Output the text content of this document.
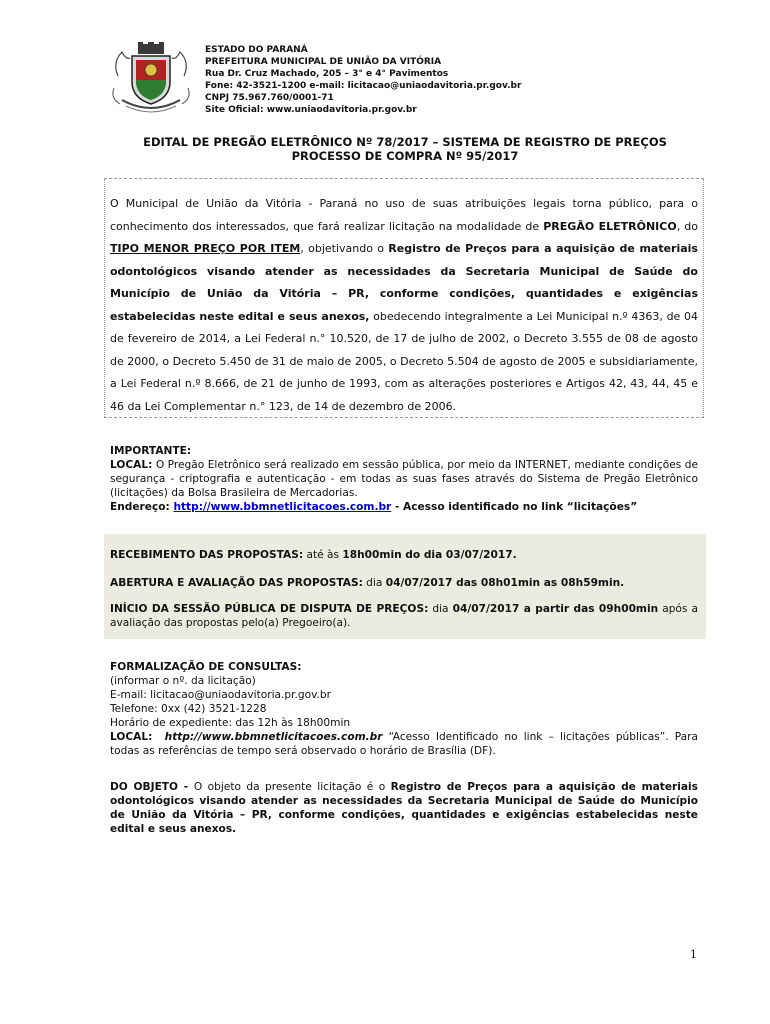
ESTADO DO PARANÁ
PREFEITURA MUNICIPAL DE UNIÃO DA VITÓRIA
Rua Dr. Cruz Machado, 205 – 3° e 4° Pavimentos
Fone: 42-3521-1200 e-mail: licitacao@uniaodavitoria.pr.gov.br
CNPJ 75.967.760/0001-71
Site Oficial: www.uniaodavitoria.pr.gov.br
EDITAL DE PREGÃO ELETRÔNICO Nº 78/2017 – SISTEMA DE REGISTRO DE PREÇOS
PROCESSO DE COMPRA Nº 95/2017
O Municipal de União da Vitória - Paraná no uso de suas atribuições legais torna público, para o conhecimento dos interessados, que fará realizar licitação na modalidade de PREGÃO ELETRÔNICO, do TIPO MENOR PREÇO POR ITEM, objetivando o Registro de Preços para a aquisição de materiais odontológicos visando atender as necessidades da Secretaria Municipal de Saúde do Município de União da Vitória – PR, conforme condições, quantidades e exigências estabelecidas neste edital e seus anexos, obedecendo integralmente a Lei Municipal n.º 4363, de 04 de fevereiro de 2014, a Lei Federal n.° 10.520, de 17 de julho de 2002, o Decreto 3.555 de 08 de agosto de 2000, o Decreto 5.450 de 31 de maio de 2005, o Decreto 5.504 de agosto de 2005 e subsidiariamente, a Lei Federal n.º 8.666, de 21 de junho de 1993, com as alterações posteriores e Artigos 42, 43, 44, 45 e 46 da Lei Complementar n.° 123, de 14 de dezembro de 2006.
IMPORTANTE:
LOCAL: O Pregão Eletrônico será realizado em sessão pública, por meio da INTERNET, mediante condições de segurança - criptografia e autenticação - em todas as suas fases através do Sistema de Pregão Eletrônico (licitações) da Bolsa Brasileira de Mercadorias.
Endereço: http://www.bbmnetlicitacoes.com.br - Acesso identificado no link “licitações”
RECEBIMENTO DAS PROPOSTAS: até às 18h00min do dia 03/07/2017.
ABERTURA E AVALIAÇÃO DAS PROPOSTAS: dia 04/07/2017 das 08h01min as 08h59min.
INÍCIO DA SESSÃO PÚBLICA DE DISPUTA DE PREÇOS: dia 04/07/2017 a partir das 09h00min após a avaliação das propostas pelo(a) Pregoeiro(a).
FORMALIZAÇÃO DE CONSULTAS:
(informar o nº. da licitação)
E-mail: licitacao@uniaodavitoria.pr.gov.br
Telefone: 0xx (42) 3521-1228
Horário de expediente: das 12h às 18h00min
LOCAL: http://www.bbmnetlicitacoes.com.br “Acesso Identificado no link – licitações públicas”. Para todas as referências de tempo será observado o horário de Brasília (DF).
DO OBJETO - O objeto da presente licitação é o Registro de Preços para a aquisição de materiais odontológicos visando atender as necessidades da Secretaria Municipal de Saúde do Município de União da Vitória – PR, conforme condições, quantidades e exigências estabelecidas neste edital e seus anexos.
1
